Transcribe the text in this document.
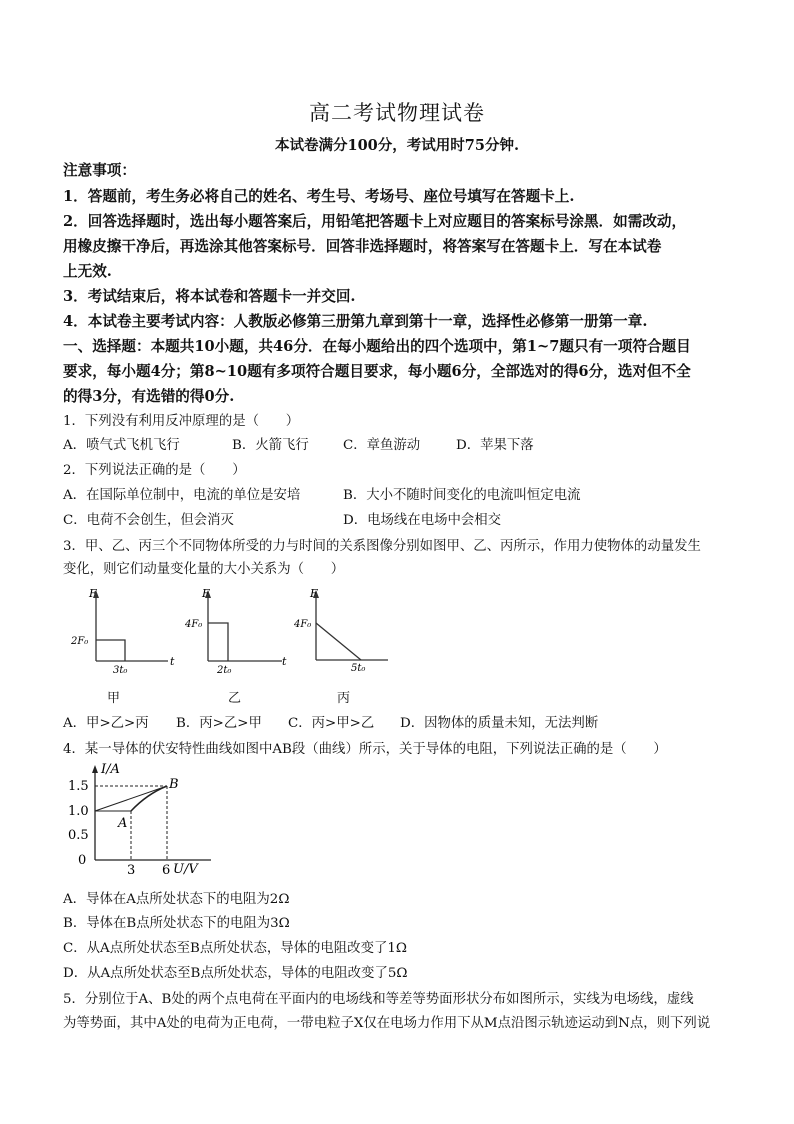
高二考试物理试卷
本试卷满分100分，考试用时75分钟.
注意事项：
1．答题前，考生务必将自己的姓名、考生号、考场号、座位号填写在答题卡上.
2．回答选择题时，选出每小题答案后，用铅笔把答题卡上对应题目的答案标号涂黑．如需改动，
用橡皮擦干净后，再选涂其他答案标号．回答非选择题时，将答案写在答题卡上．写在本试卷
上无效.
3．考试结束后，将本试卷和答题卡一并交回.
4．本试卷主要考试内容：人教版必修第三册第九章到第十一章，选择性必修第一册第一章.
一、选择题：本题共10小题，共46分．在每小题给出的四个选项中，第1~7题只有一项符合题目
要求，每小题4分；第8~10题有多项符合题目要求，每小题6分，全部选对的得6分，选对但不全
的得3分，有选错的得0分.
1．下列没有利用反冲原理的是（　　）
A．喷气式飞机飞行	B．火箭飞行	C．章鱼游动	D．苹果下落
2．下列说法正确的是（　　）
A．在国际单位制中，电流的单位是安培	B．大小不随时间变化的电流叫恒定电流
C．电荷不会创生，但会消灭	D．电场线在电场中会相交
3．甲、乙、丙三个不同物体所受的力与时间的关系图像分别如图甲、乙、丙所示，作用力使物体的动量发生
变化，则它们动量变化量的大小关系为（　　）
F
t
2F₀
3t₀
甲
F
t
4F₀
2t₀
乙
F
4F₀
5t₀
丙
A．甲>乙>丙 B．丙>乙>甲 C．丙>甲>乙 D．因物体的质量未知，无法判断
4．某一导体的伏安特性曲线如图中AB段（曲线）所示，关于导体的电阻，下列说法正确的是（　　）
I/A
U/V
1.5
1.0
0.5
0
3 6
A
B
A．导体在A点所处状态下的电阻为2Ω
B．导体在B点所处状态下的电阻为3Ω
C．从A点所处状态至B点所处状态，导体的电阻改变了1Ω
D．从A点所处状态至B点所处状态，导体的电阻改变了5Ω
5．分别位于A、B处的两个点电荷在平面内的电场线和等差等势面形状分布如图所示，实线为电场线，虚线
为等势面，其中A处的电荷为正电荷，一带电粒子X仅在电场力作用下从M点沿图示轨迹运动到N点，则下列说
